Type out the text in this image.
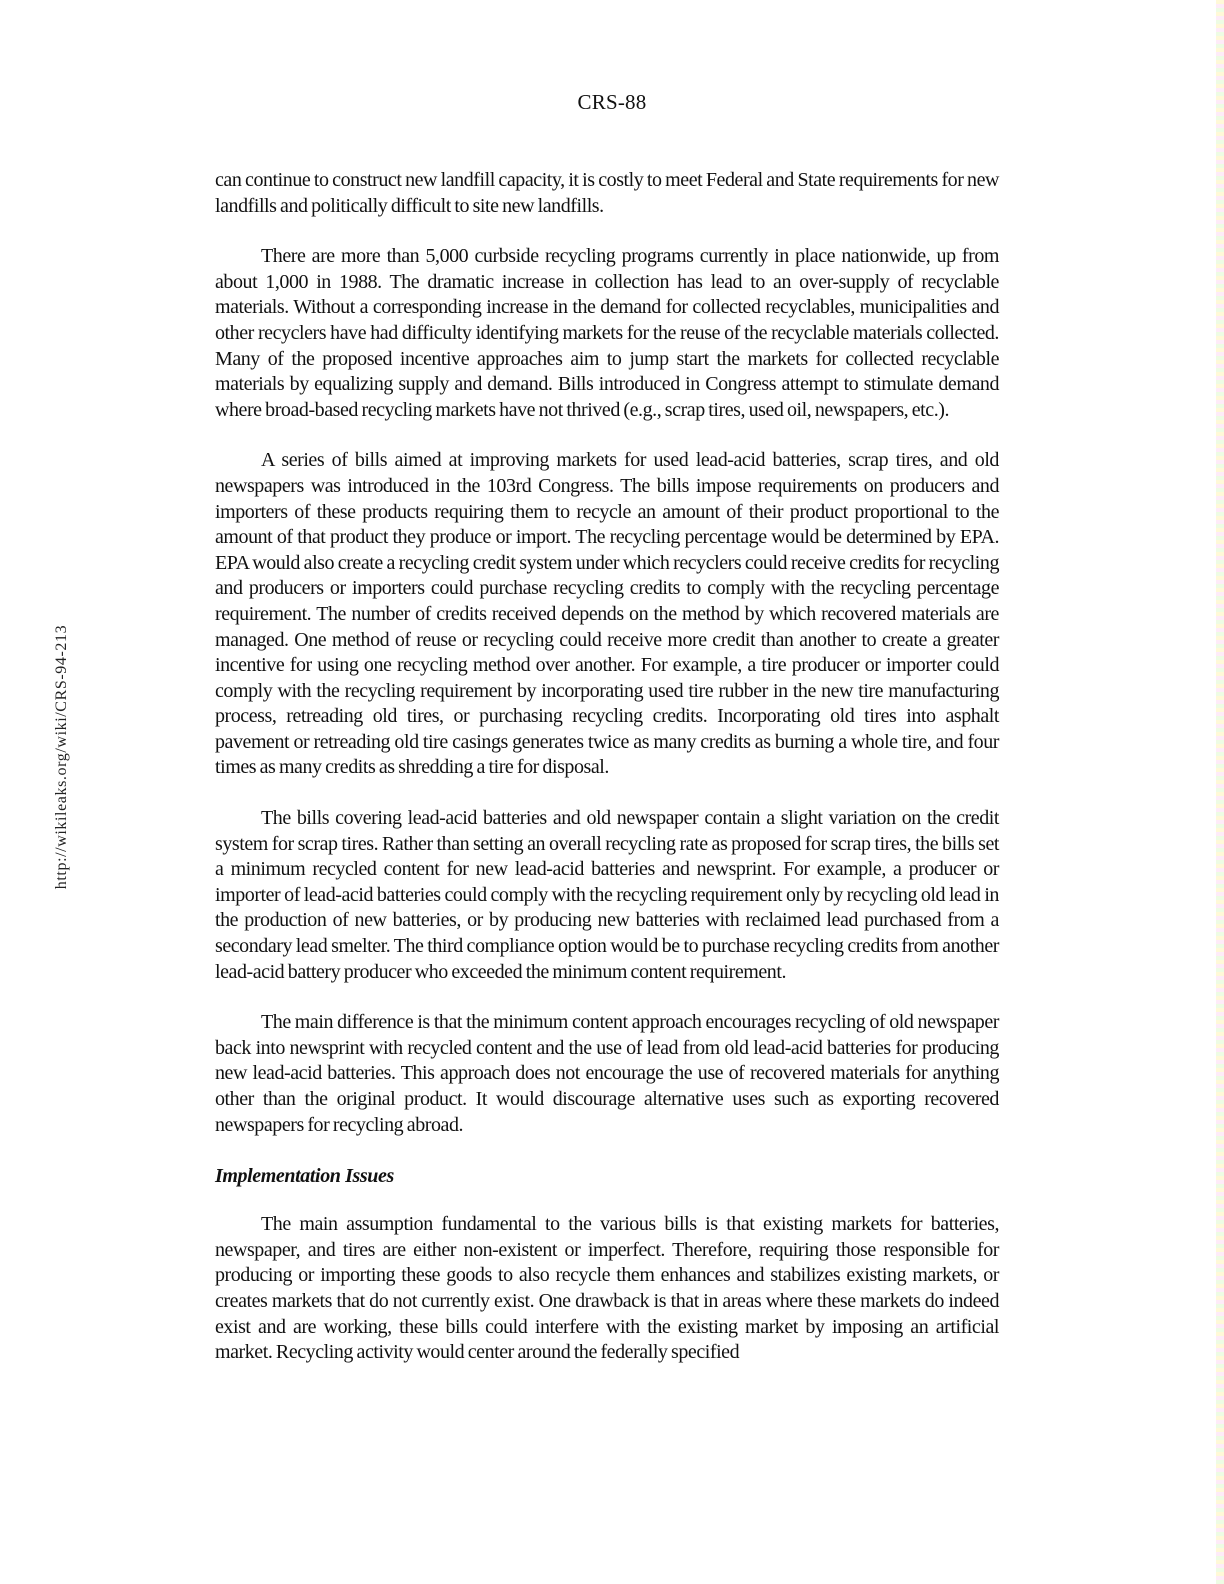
CRS-88
http://wikileaks.org/wiki/CRS-94-213

can continue to construct new landfill capacity, it is costly to meet Federal and State requirements for new landfills and politically difficult to site new landfills.

There are more than 5,000 curbside recycling programs currently in place nationwide, up from about 1,000 in 1988. The dramatic increase in collection has lead to an over-supply of recyclable materials. Without a corresponding increase in the demand for collected recyclables, municipalities and other recyclers have had difficulty identifying markets for the reuse of the recyclable materials collected. Many of the proposed incentive approaches aim to jump start the markets for collected recyclable materials by equalizing supply and demand. Bills introduced in Congress attempt to stimulate demand where broad-based recycling markets have not thrived (e.g., scrap tires, used oil, newspapers, etc.).

A series of bills aimed at improving markets for used lead-acid batteries, scrap tires, and old newspapers was introduced in the 103rd Congress. The bills impose requirements on producers and importers of these products requiring them to recycle an amount of their product proportional to the amount of that product they produce or import. The recycling percentage would be determined by EPA. EPA would also create a recycling credit system under which recyclers could receive credits for recycling and producers or importers could purchase recycling credits to comply with the recycling percentage requirement. The number of credits received depends on the method by which recovered materials are managed. One method of reuse or recycling could receive more credit than another to create a greater incentive for using one recycling method over another. For example, a tire producer or importer could comply with the recycling requirement by incorporating used tire rubber in the new tire manufacturing process, retreading old tires, or purchasing recycling credits. Incorporating old tires into asphalt pavement or retreading old tire casings generates twice as many credits as burning a whole tire, and four times as many credits as shredding a tire for disposal.

The bills covering lead-acid batteries and old newspaper contain a slight variation on the credit system for scrap tires. Rather than setting an overall recycling rate as proposed for scrap tires, the bills set a minimum recycled content for new lead-acid batteries and newsprint. For example, a producer or importer of lead-acid batteries could comply with the recycling requirement only by recycling old lead in the production of new batteries, or by producing new batteries with reclaimed lead purchased from a secondary lead smelter. The third compliance option would be to purchase recycling credits from another lead-acid battery producer who exceeded the minimum content requirement.

The main difference is that the minimum content approach encourages recycling of old newspaper back into newsprint with recycled content and the use of lead from old lead-acid batteries for producing new lead-acid batteries. This approach does not encourage the use of recovered materials for anything other than the original product. It would discourage alternative uses such as exporting recovered newspapers for recycling abroad.

Implementation Issues

The main assumption fundamental to the various bills is that existing markets for batteries, newspaper, and tires are either non-existent or imperfect. Therefore, requiring those responsible for producing or importing these goods to also recycle them enhances and stabilizes existing markets, or creates markets that do not currently exist. One drawback is that in areas where these markets do indeed exist and are working, these bills could interfere with the existing market by imposing an artificial market. Recycling activity would center around the federally specified
